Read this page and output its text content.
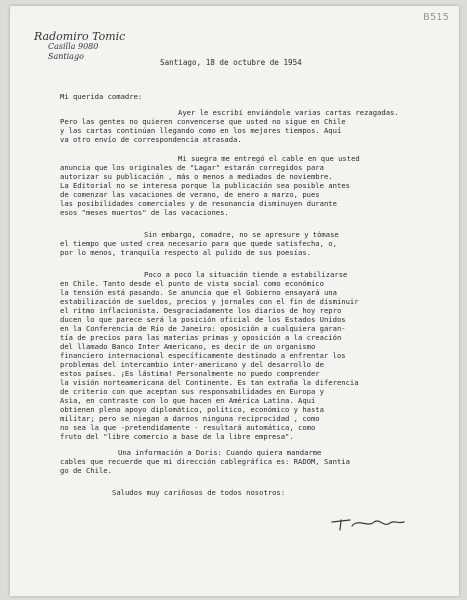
B515
Radomiro Tomic
Casilla 9080
Santiago
Santiago, 18 de octubre de 1954
Mi querida comadre:
Ayer le escribí enviándole varias cartas rezagadas.
Pero las gentes no quieren convencerse que usted no sigue en Chile
y las cartas continúan llegando como en los mejores tiempos. Aquí
va otro envío de correspondencia atrasada.
Mi suegra me entregó el cable en que usted
anuncia que los originales de "Lagar" estarán corregidos para
autorizar su publicación , más o menos a mediados de noviembre.
La Editorial no se interesa porque la publicación sea posible antes
de comenzar las vacaciones de verano, de enero a marzo, pues
las posibilidades comerciales y de resonancia disminuyen durante
esos "meses muertos" de las vacaciones.
Sin embargo, comadre, no se apresure y tómase
el tiempo que usted crea necesario para que quede satisfecha, o,
por lo menos, tranquila respecto al pulido de sus poesías.
Poco a poco la situación tiende a estabilizarse
en Chile. Tanto desde el punto de vista social como económico
la tensión está pasando. Se anuncia que el Gobierno ensayará una
estabilización de sueldos, precios y jornales con el fin de disminuir
el ritmo inflacionista. Desgraciadamente los diarios de hoy repro
ducen lo que parece será la posición oficial de los Estados Unidos
en la Conferencia de Río de Janeiro: oposición a cualquiera garan-
tía de precios para las materias primas y oposición a la creación
del llamado Banco Inter Americano, es decir de un organismo
financiero internacional específicamente destinado a enfrentar los
problemas del intercambio inter-americano y del desarrollo de
estos países. ¡Es lástima! Personalmente no puedo comprender
la visión norteamericana del Continente. Es tan extraña la diferencia
de criterio con que aceptan sus responsabilidades en Europa y
Asia, en contraste con lo que hacen en América Latina. Aquí
obtienen pleno apoyo diplomático, político, económico y hasta
militar; pero se niegan a darnos ninguna reciprocidad , como
no sea la que -pretendidamente - resultará automática, como
fruto del "libre comercio a base de la libre empresa".
Una información a Doris: Cuando quiera mandarme
cables que recuerde que mi dirección cablegráfica es: RADOM, Santia
go de Chile.
Saludos muy cariñosos de todos nosotros:
